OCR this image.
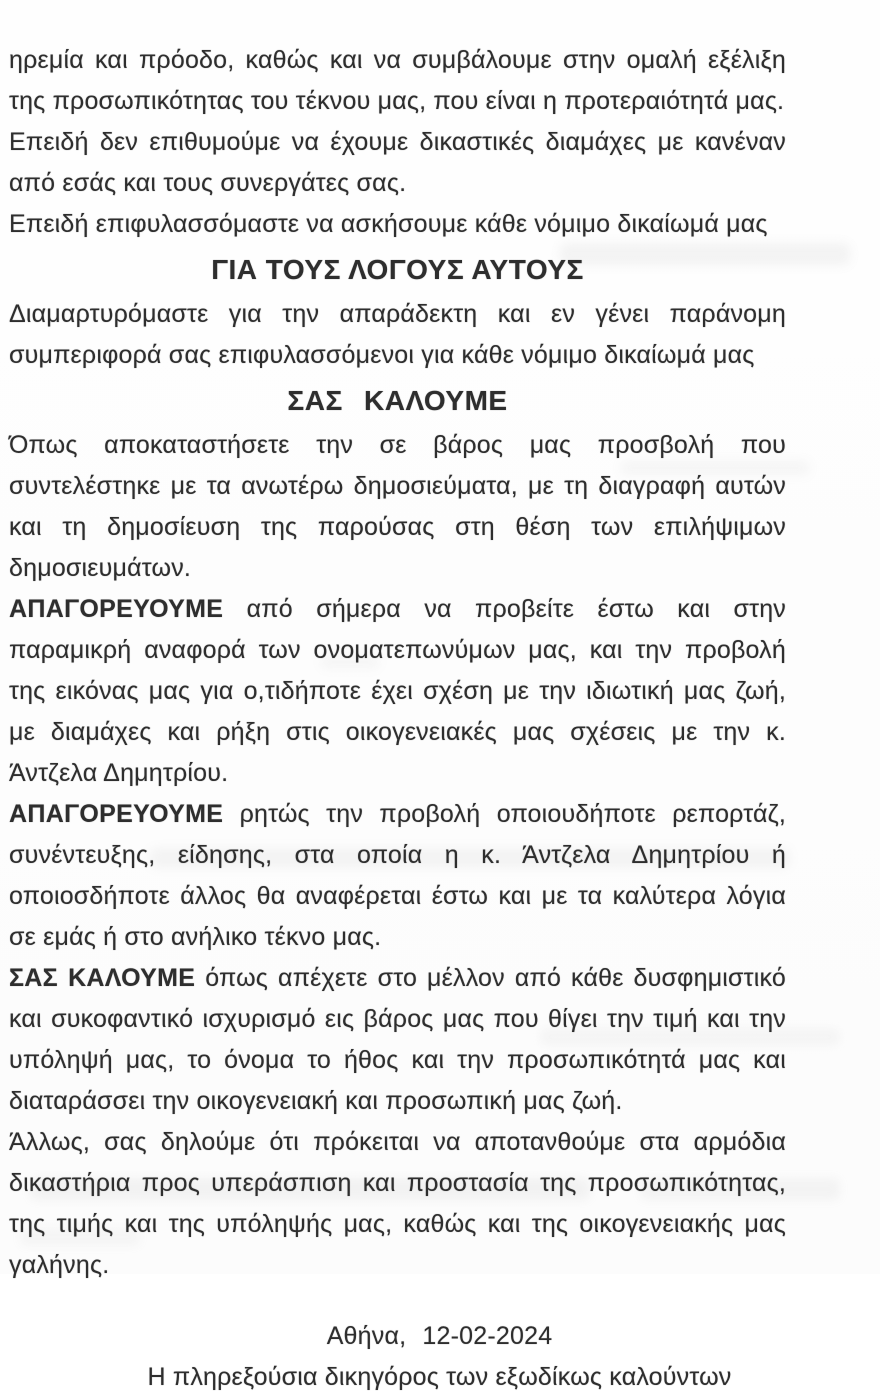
ηρεμία και πρόοδο, καθώς και να συμβάλουμε στην ομαλή εξέλιξη της προσωπικότητας του τέκνου μας, που είναι η προτεραιότητά μας.

Επειδή δεν επιθυμούμε να έχουμε δικαστικές διαμάχες με κανέναν από εσάς και τους συνεργάτες σας.

Επειδή επιφυλασσόμαστε να ασκήσουμε κάθε νόμιμο δικαίωμά μας

ΓΙΑ ΤΟΥΣ ΛΟΓΟΥΣ ΑΥΤΟΥΣ

Διαμαρτυρόμαστε για την απαράδεκτη και εν γένει παράνομη συμπεριφορά σας επιφυλασσόμενοι για κάθε νόμιμο δικαίωμά μας

ΣΑΣ ΚΑΛΟΥΜΕ

Όπως αποκαταστήσετε την σε βάρος μας προσβολή που συντελέστηκε με τα ανωτέρω δημοσιεύματα, με τη διαγραφή αυτών και τη δημοσίευση της παρούσας στη θέση των επιλήψιμων δημοσιευμάτων.

ΑΠΑΓΟΡΕΥΟΥΜΕ από σήμερα να προβείτε έστω και στην παραμικρή αναφορά των ονοματεπωνύμων μας, και την προβολή της εικόνας μας για ο,τιδήποτε έχει σχέση με την ιδιωτική μας ζωή, με διαμάχες και ρήξη στις οικογενειακές μας σχέσεις με την κ. Άντζελα Δημητρίου.

ΑΠΑΓΟΡΕΥΟΥΜΕ ρητώς την προβολή οποιουδήποτε ρεπορτάζ, συνέντευξης, είδησης, στα οποία η κ. Άντζελα Δημητρίου ή οποιοσδήποτε άλλος θα αναφέρεται έστω και με τα καλύτερα λόγια σε εμάς ή στο ανήλικο τέκνο μας.

ΣΑΣ ΚΑΛΟΥΜΕ όπως απέχετε στο μέλλον από κάθε δυσφημιστικό και συκοφαντικό ισχυρισμό εις βάρος μας που θίγει την τιμή και την υπόληψή μας, το όνομα το ήθος και την προσωπικότητά μας και διαταράσσει την οικογενειακή και προσωπική μας ζωή.

Άλλως, σας δηλούμε ότι πρόκειται να αποτανθούμε στα αρμόδια δικαστήρια προς υπεράσπιση και προστασία της προσωπικότητας, της τιμής και της υπόληψής μας, καθώς και της οικογενειακής μας γαλήνης.

Αθήνα, 12-02-2024

Η πληρεξούσια δικηγόρος των εξωδίκως καλούντων
